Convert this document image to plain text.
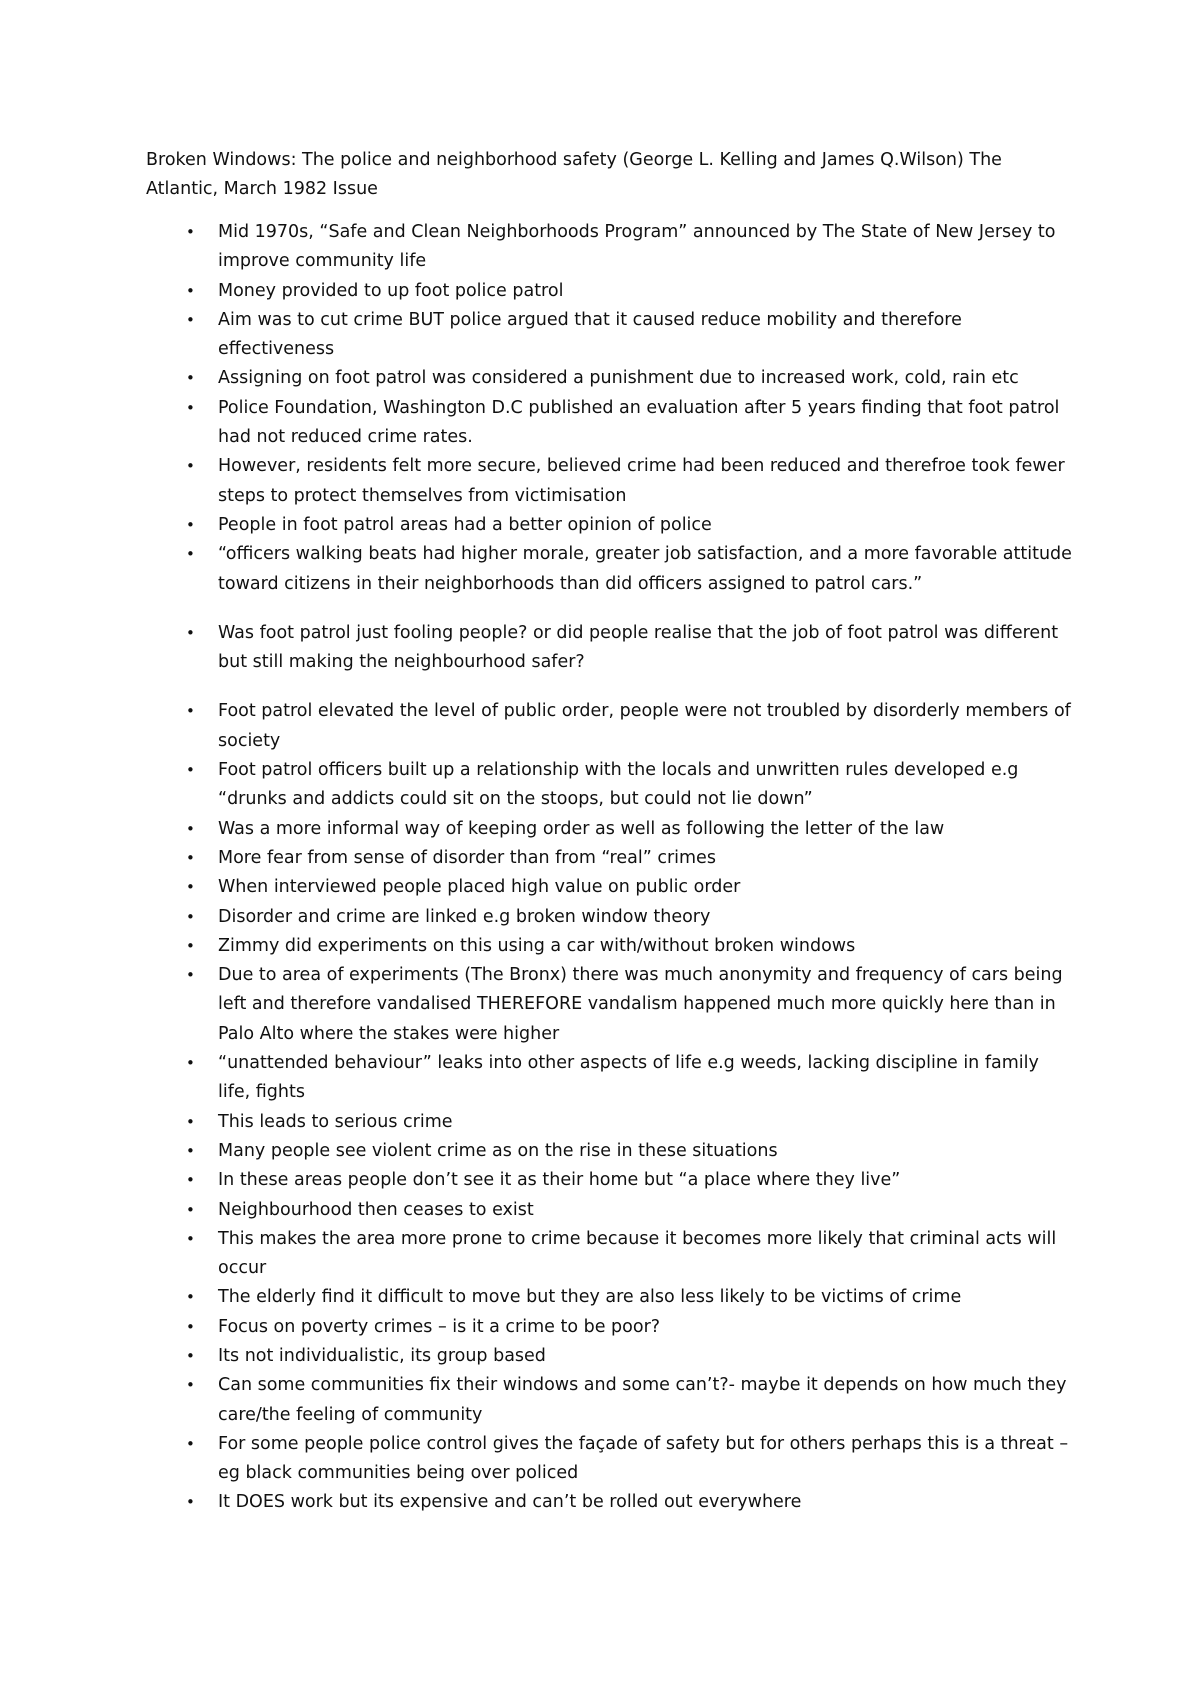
Broken Windows: The police and neighborhood safety (George L. Kelling and James Q.Wilson) The Atlantic, March 1982 Issue

• Mid 1970s, “Safe and Clean Neighborhoods Program” announced by The State of New Jersey to improve community life
• Money provided to up foot police patrol
• Aim was to cut crime BUT police argued that it caused reduce mobility and therefore effectiveness
• Assigning on foot patrol was considered a punishment due to increased work, cold, rain etc
• Police Foundation, Washington D.C published an evaluation after 5 years finding that foot patrol had not reduced crime rates.
• However, residents felt more secure, believed crime had been reduced and therefroe took fewer steps to protect themselves from victimisation
• People in foot patrol areas had a better opinion of police
• “officers walking beats had higher morale, greater job satisfaction, and a more favorable attitude toward citizens in their neighborhoods than did officers assigned to patrol cars.”
• Was foot patrol just fooling people? or did people realise that the job of foot patrol was different but still making the neighbourhood safer?
• Foot patrol elevated the level of public order, people were not troubled by disorderly members of society
• Foot patrol officers built up a relationship with the locals and unwritten rules developed e.g “drunks and addicts could sit on the stoops, but could not lie down”
• Was a more informal way of keeping order as well as following the letter of the law
• More fear from sense of disorder than from “real” crimes
• When interviewed people placed high value on public order
• Disorder and crime are linked e.g broken window theory
• Zimmy did experiments on this using a car with/without broken windows
• Due to area of experiments (The Bronx) there was much anonymity and frequency of cars being left and therefore vandalised THEREFORE vandalism happened much more quickly here than in Palo Alto where the stakes were higher
• “unattended behaviour” leaks into other aspects of life e.g weeds, lacking discipline in family life, fights
• This leads to serious crime
• Many people see violent crime as on the rise in these situations
• In these areas people don’t see it as their home but “a place where they live”
• Neighbourhood then ceases to exist
• This makes the area more prone to crime because it becomes more likely that criminal acts will occur
• The elderly find it difficult to move but they are also less likely to be victims of crime
• Focus on poverty crimes – is it a crime to be poor?
• Its not individualistic, its group based
• Can some communities fix their windows and some can’t?- maybe it depends on how much they care/the feeling of community
• For some people police control gives the façade of safety but for others perhaps this is a threat – eg black communities being over policed
• It DOES work but its expensive and can’t be rolled out everywhere
